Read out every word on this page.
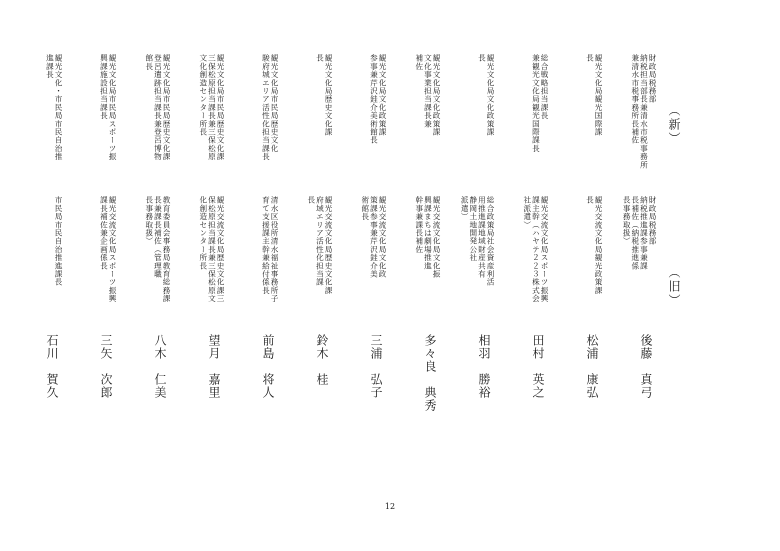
（新）
（旧）
財政局税務部
納税担当部長兼清水市税事務所
兼清水市税事務所長補佐
財政局税務部
納税推進課参事兼課
長補佐（納税推進係
長事務取扱）
後藤　真弓
観光文化局観光国際課
長
観光交流文化局観光政策課
長
松浦　康弘
総合戦略担当課長
兼観光文化局観光国際課長
観光交流文化局スポーツ振興
課主幹（ハヤテ２２３株式会
社派遣）
田村　英之
観光文化局文化政策課
長
総合政策局社会資産利活
用推進課地域財産共有
静岡土地開発公社
派遣）
相羽　勝裕
観光文化局文化政策課
文化事業担当課長兼
補佐
観光交流文化局文化振
興課まちは劇場推進
幹事兼課長補佐
多々良　典秀
観光文化局文化政策課
参事兼芹沢銈介美術館長
観光交流文化局文化政
策課参事兼芹沢銈介美
術館長
三浦　弘子
観光文化局歴史文化課
長
観光交流文化局歴史文化課
府域エリア活性化担当課
長
鈴木　桂
観光文化局市民局歴史文化
駿府城エリア活性化担当課長
清水区役所清水福祉事務所子
育て支援課主幹兼給付係長
前島　将人
観光文化局市民局歴史文化課
三保松原担当課長兼三保松原
文化創造センター所長
観光交流文化局歴史文化課三
保松原担当課長兼三保松原文
化創造センター所長
望月　嘉里
観光文化局市民局歴史文化課
登呂遺跡担当課長兼登呂博物
館長
教育委員会事務局教育総務課
長兼課長補佐（管理職
長事務取扱）
八木　仁美
観光文化局市民局スポーツ振
興課施設担当課長
観光交流文化局スポーツ振興
課長補佐兼企画係長
三矢　次郎
観光文化・市民局市民自治推
進課長
市民局市民自治推進課長
石川　賀久
12
